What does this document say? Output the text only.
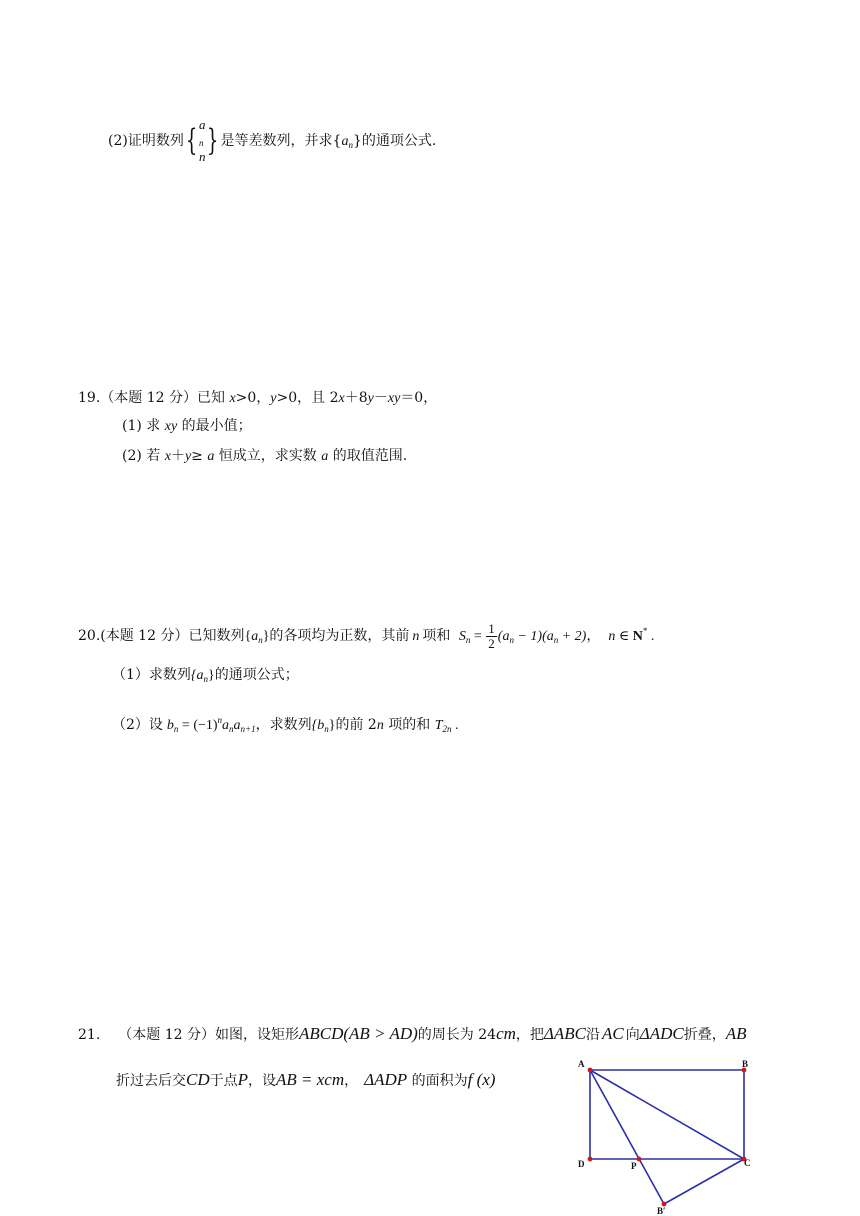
(2)证明数列{ a
$_n$
n } 是等差数列，并求$\{a_n\}$的通项公式.
19.（本题 12 分）已知 x>0，y>0，且 2x＋8y－xy＝0，
(1) 求 xy 的最小值；
(2) 若 x＋y≥ a 恒成立，求实数 a 的取值范围.
20.(本题 12 分）已知数列$\{a_n\}$的各项均为正数，其前 n 项和 $S_n = \frac{1}{2} (a_n - 1)(a_n + 2)$， n ∈ N* .
（1）求数列$\{a_n\}$的通项公式；
（2）设 $b_n = (-1)^na_na_{n+1}$，求数列$\{b_n\}$的前 2n 项的和 $T_{2n}$ .
21. （本题 12 分）如图，设矩形ABCD(AB > AD)的周长为 24cm，把ΔABC沿 AC 向ΔADC折叠，AB
折过去后交CD于点P，设AB = xcm， ΔADP 的面积为f (x)
A	B
C
D	P
B′
